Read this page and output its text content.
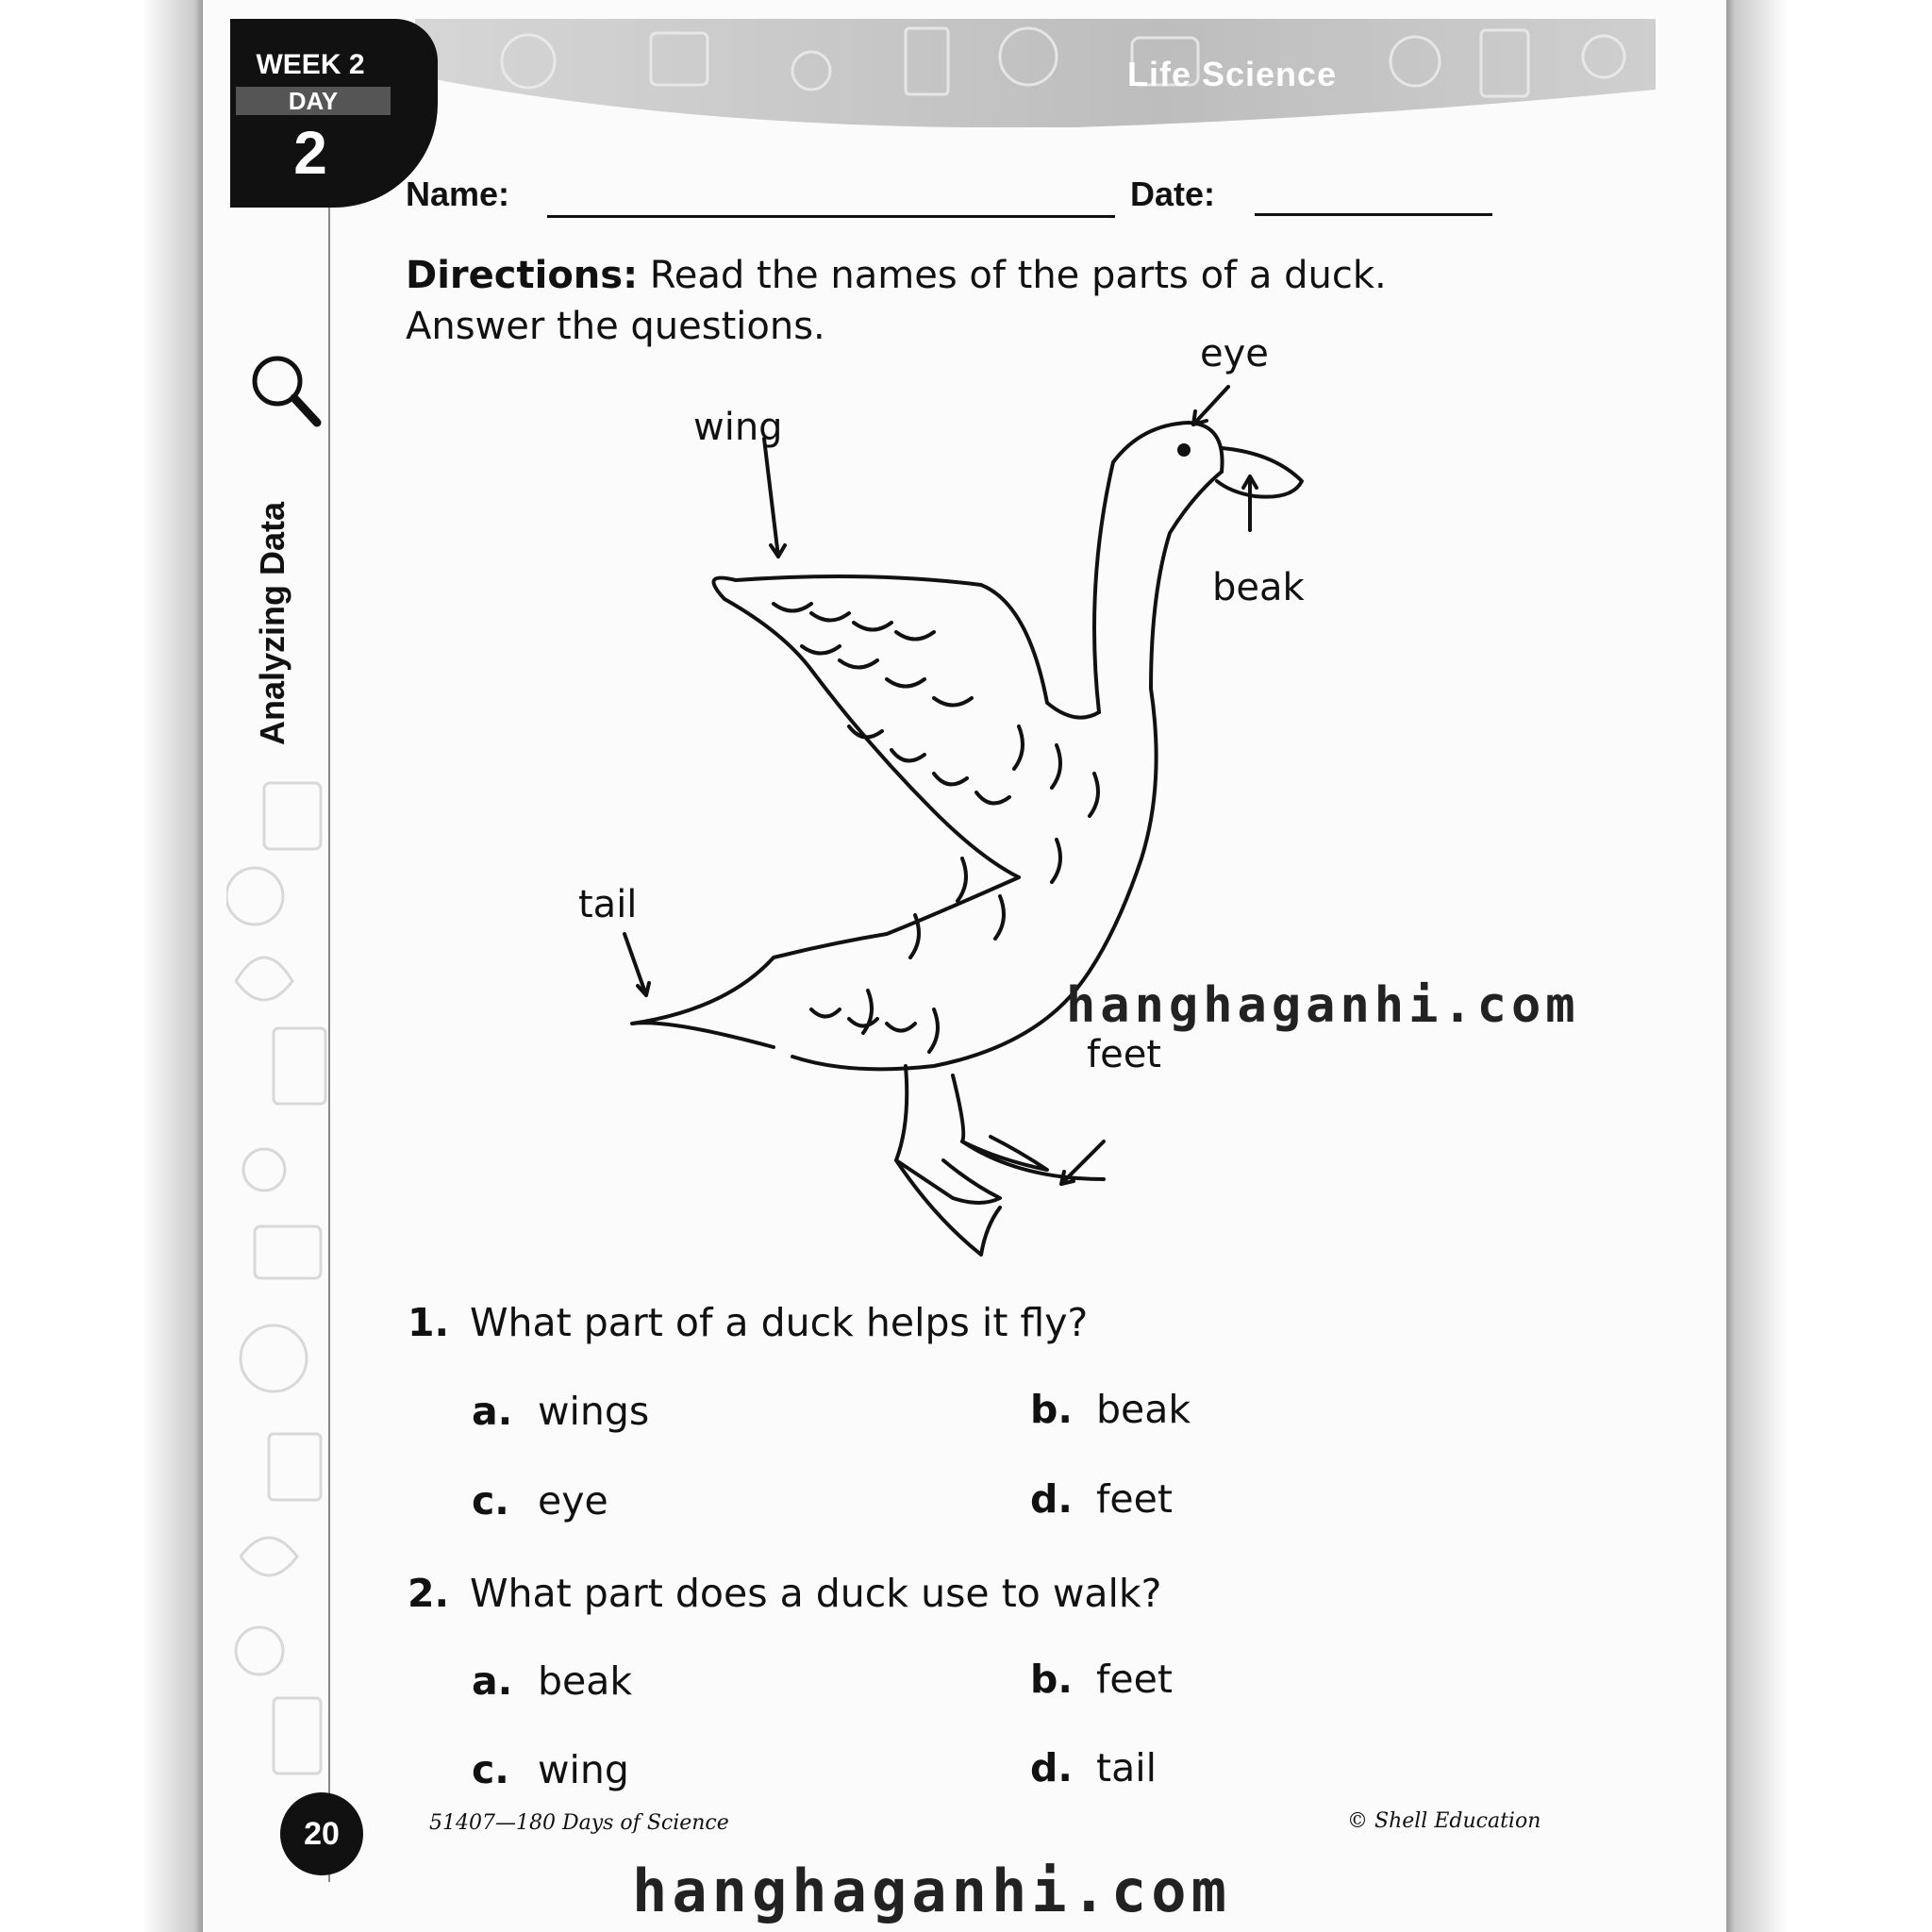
Life Science
WEEK 2
DAY
2
Analyzing Data
Name:	Date:
Directions: Read the names of the parts of a duck.
Answer the questions.
eye
wing
beak
tail
feet
hanghaganhi.com
1. What part of a duck helps it fly?
a. wings	b. beak
c. eye	d. feet
2. What part does a duck use to walk?
a. beak	b. feet
c. wing	d. tail
20	51407—180 Days of Science	© Shell Education
hanghaganhi.com
